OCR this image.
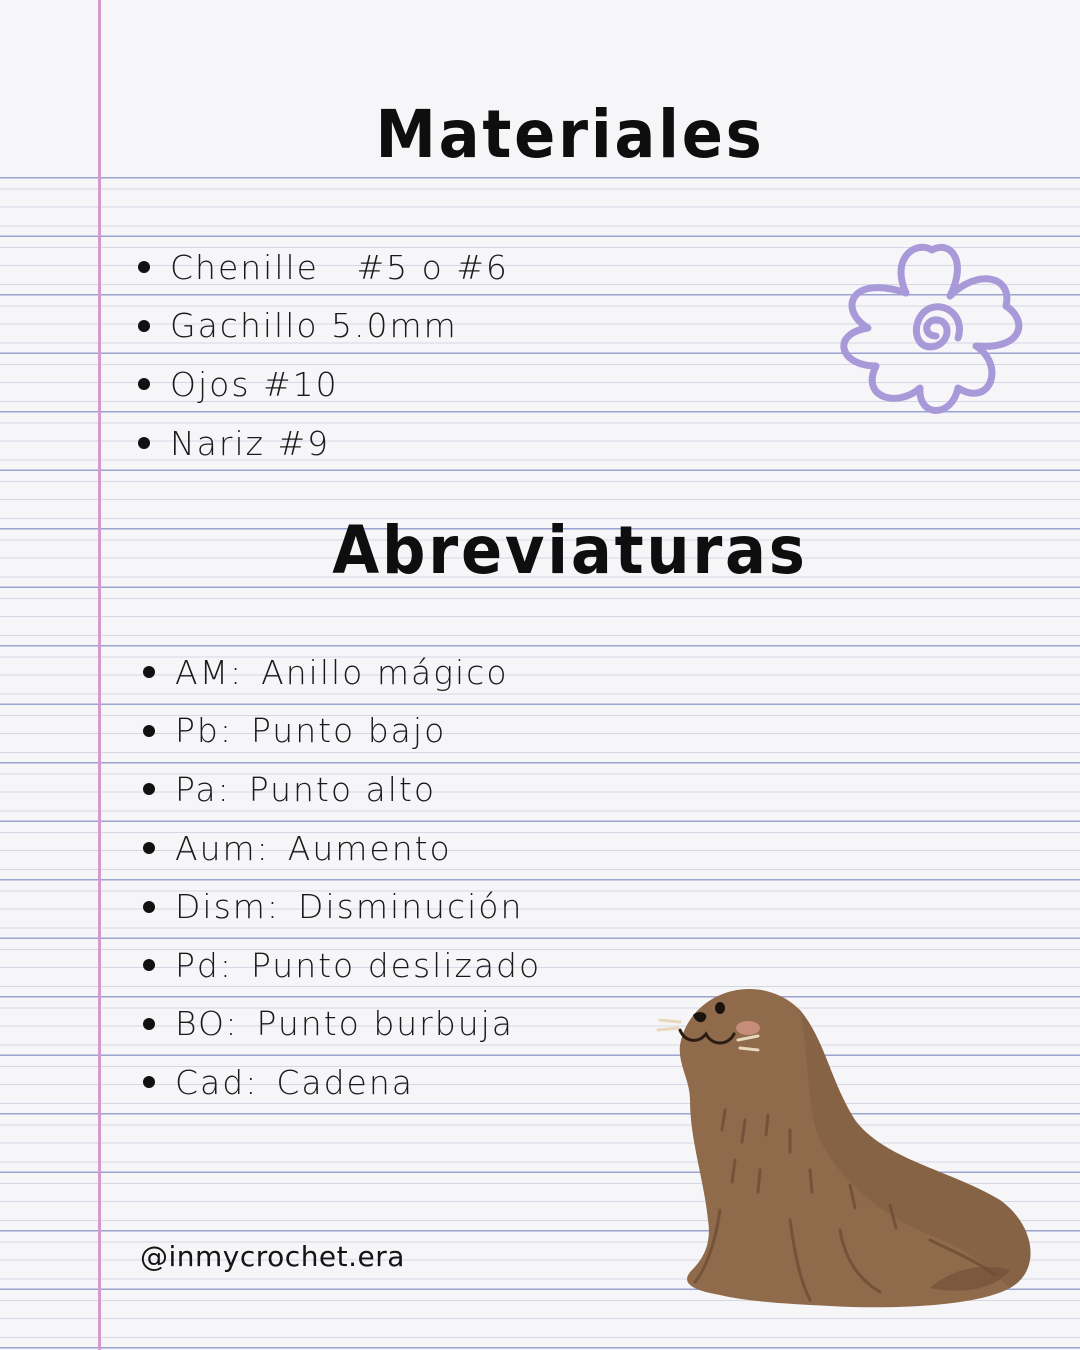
Materiales
Chenille   #5 o #6
Gachillo 5.0mm
Ojos #10
Nariz #9
Abreviaturas
AM: Anillo mágico
Pb: Punto bajo
Pa: Punto alto
Aum: Aumento
Dism: Disminución
Pd: Punto deslizado
BO: Punto burbuja
Cad: Cadena
@inmycrochet.era
